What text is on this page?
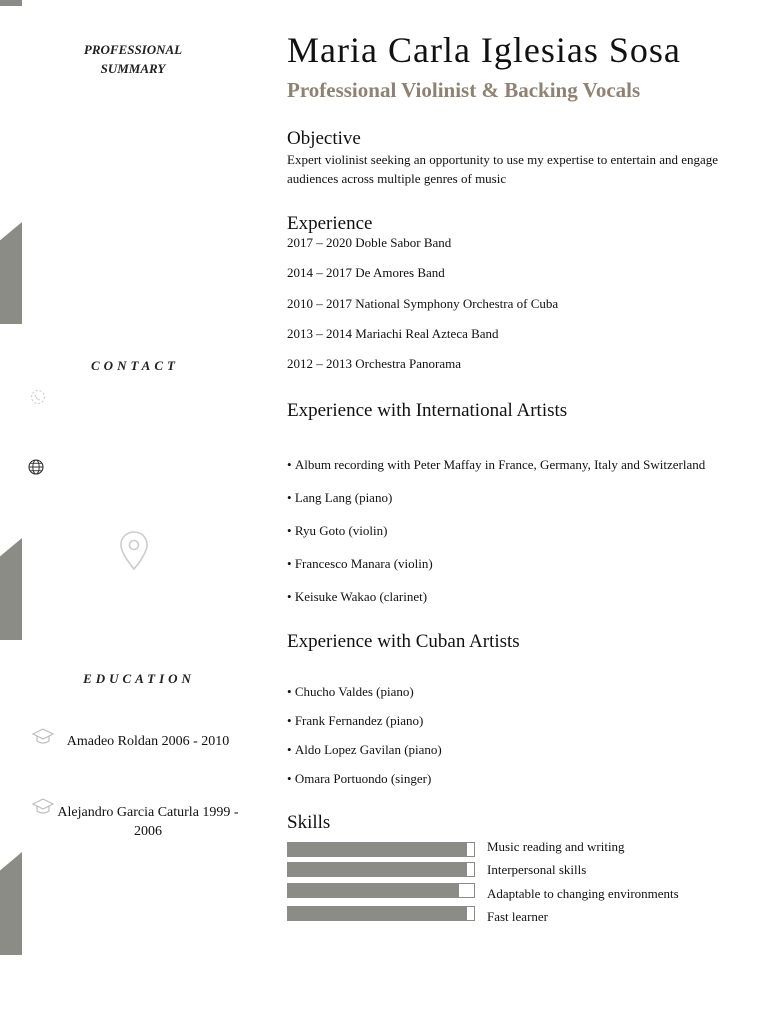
PROFESSIONAL SUMMARY
CONTACT
EDUCATION
Amadeo Roldan 2006 - 2010
Alejandro Garcia Caturla 1999 - 2006
Maria Carla Iglesias Sosa
Professional Violinist & Backing Vocals
Objective
Expert violinist seeking an opportunity to use my expertise to entertain and engage audiences across multiple genres of music
Experience
2017 – 2020 Doble Sabor Band
2014 – 2017 De Amores Band
2010 – 2017 National Symphony Orchestra of Cuba
2013 – 2014 Mariachi Real Azteca Band
2012 – 2013 Orchestra Panorama
Experience with International Artists
• Album recording with Peter Maffay in France, Germany, Italy and Switzerland
• Lang Lang (piano)
• Ryu Goto (violin)
• Francesco Manara (violin)
• Keisuke Wakao (clarinet)
Experience with Cuban Artists
• Chucho Valdes (piano)
• Frank Fernandez (piano)
• Aldo Lopez Gavilan (piano)
• Omara Portuondo (singer)
Skills
Music reading and writing
Interpersonal skills
Adaptable to changing environments
Fast learner
